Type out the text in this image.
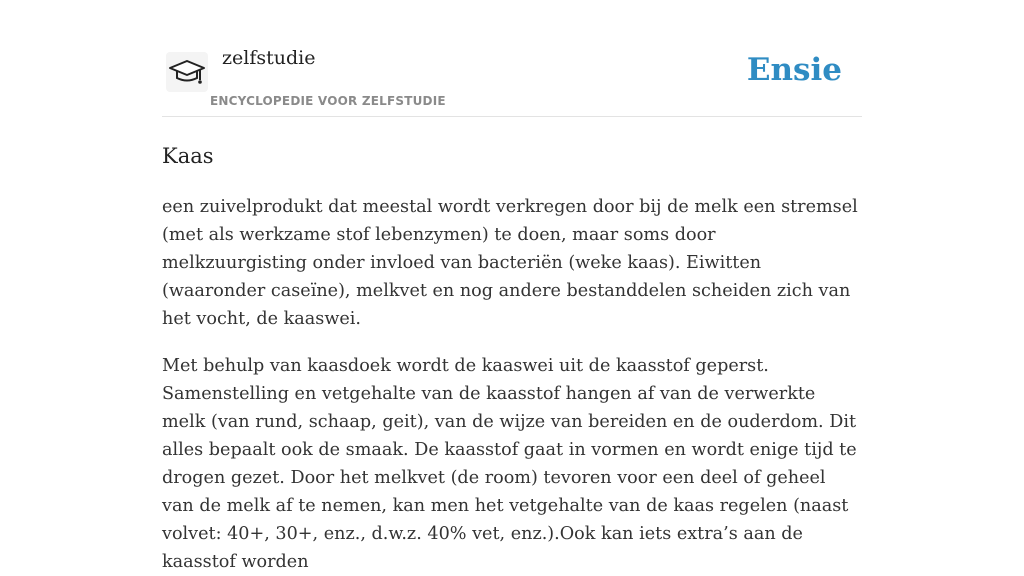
zelfstudie
ENCYCLOPEDIE VOOR ZELFSTUDIE
Ensie
Kaas

een zuivelprodukt dat meestal wordt verkregen door bij de melk een stremsel (met als werkzame stof lebenzymen) te doen, maar soms door melkzuurgisting onder invloed van bacteriën (weke kaas). Eiwitten (waaronder caseïne), melkvet en nog andere bestanddelen scheiden zich van het vocht, de kaaswei.

Met behulp van kaasdoek wordt de kaaswei uit de kaasstof geperst. Samenstelling en vetgehalte van de kaasstof hangen af van de verwerkte melk (van rund, schaap, geit), van de wijze van bereiden en de ouderdom. Dit alles bepaalt ook de smaak. De kaasstof gaat in vormen en wordt enige tijd te drogen gezet. Door het melkvet (de room) tevoren voor een deel of geheel van de melk af te nemen, kan men het vetgehalte van de kaas regelen (naast volvet: 40+, 30+, enz., d.w.z. 40% vet, enz.).Ook kan iets extra’s aan de kaasstof worden
